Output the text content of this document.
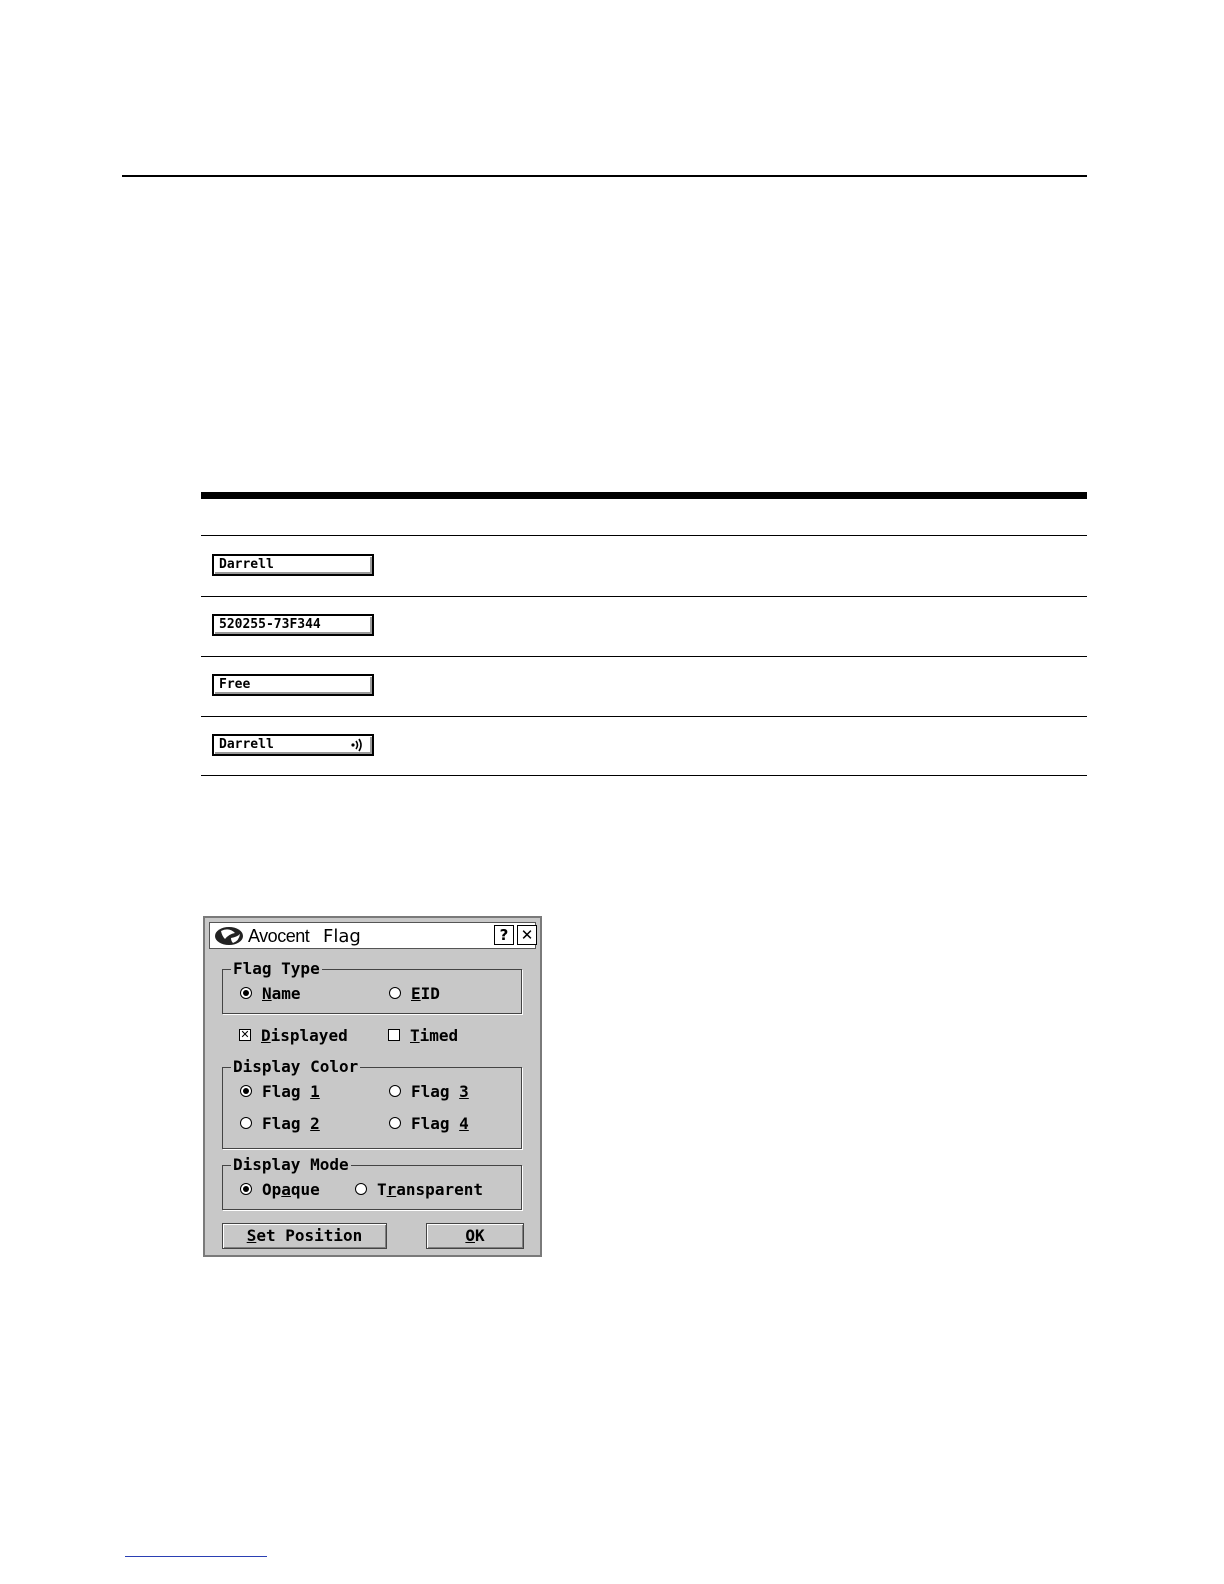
Darrell
520255-73F344
Free
Darrell
Avocent Flag	? ✕
Flag Type
Name	EID
✕ Displayed	Timed
Display Color
Flag 1	Flag 3
Flag 2	Flag 4
Display Mode
Opaque	Transparent
Set Position	OK
